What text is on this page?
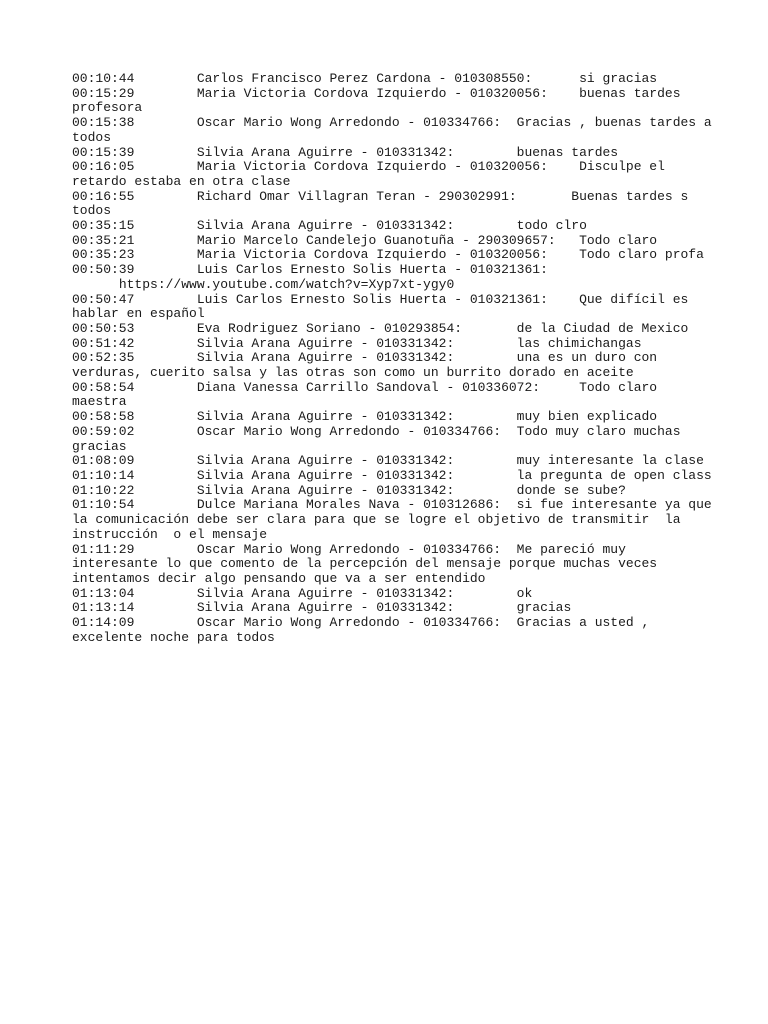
00:10:44	Carlos Francisco Perez Cardona - 010308550:	si gracias
00:15:29	Maria Victoria Cordova Izquierdo - 010320056:	buenas tardes profesora
00:15:38	Oscar Mario Wong Arredondo - 010334766:	Gracias , buenas tardes a todos
00:15:39	Silvia Arana Aguirre - 010331342:	buenas tardes
00:16:05	Maria Victoria Cordova Izquierdo - 010320056:	Disculpe el retardo estaba en otra clase
00:16:55	Richard Omar Villagran Teran - 290302991:	Buenas tardes s todos
00:35:15	Silvia Arana Aguirre - 010331342:	todo clro
00:35:21	Mario Marcelo Candelejo Guanotuña - 290309657:	Todo claro
00:35:23	Maria Victoria Cordova Izquierdo - 010320056:	Todo claro profa
00:50:39	Luis Carlos Ernesto Solis Huerta - 010321361:	
https://www.youtube.com/watch?v=Xyp7xt-ygy0
00:50:47	Luis Carlos Ernesto Solis Huerta - 010321361:	Que difícil es hablar en español
00:50:53	Eva Rodriguez Soriano - 010293854:	de la Ciudad de Mexico
00:51:42	Silvia Arana Aguirre - 010331342:	las chimichangas
00:52:35	Silvia Arana Aguirre - 010331342:	una es un duro con verduras, cuerito salsa y las otras son como un burrito dorado en aceite
00:58:54	Diana Vanessa Carrillo Sandoval - 010336072:	Todo claro maestra
00:58:58	Silvia Arana Aguirre - 010331342:	muy bien explicado
00:59:02	Oscar Mario Wong Arredondo - 010334766:	Todo muy claro muchas gracias
01:08:09	Silvia Arana Aguirre - 010331342:	muy interesante la clase
01:10:14	Silvia Arana Aguirre - 010331342:	la pregunta de open class
01:10:22	Silvia Arana Aguirre - 010331342:	donde se sube?
01:10:54	Dulce Mariana Morales Nava - 010312686:	si fue interesante ya que la comunicación debe ser clara para que se logre el objetivo de transmitir  la instrucción  o el mensaje
01:11:29	Oscar Mario Wong Arredondo - 010334766:	Me pareció muy interesante lo que comento de la percepción del mensaje porque muchas veces intentamos decir algo pensando que va a ser entendido
01:13:04	Silvia Arana Aguirre - 010331342:	ok
01:13:14	Silvia Arana Aguirre - 010331342:	gracias
01:14:09	Oscar Mario Wong Arredondo - 010334766:	Gracias a usted , excelente noche para todos
